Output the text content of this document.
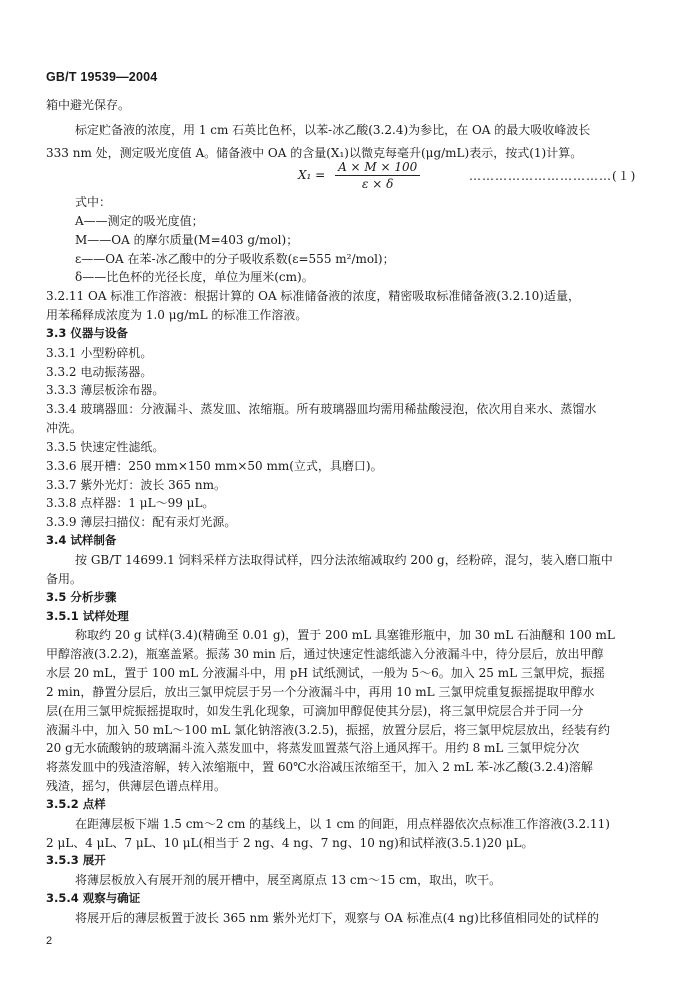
GB/T 19539—2004
箱中避光保存。
标定贮备液的浓度，用 1 cm 石英比色杯，以苯-冰乙酸(3.2.4)为参比，在 OA 的最大吸收峰波长
333 nm 处，测定吸光度值 A。储备液中 OA 的含量(X₁)以微克每毫升(μg/mL)表示，按式(1)计算。
$X_1 = \frac{A \times M \times 100}{\varepsilon \times \delta}$	……………………………(１)
式中：
A——测定的吸光度值；
M——OA 的摩尔质量(M=403 g/mol)；
ε——OA 在苯-冰乙酸中的分子吸收系数(ε=555 m²/mol)；
δ——比色杯的光径长度，单位为厘米(cm)。
3.2.11 OA 标准工作溶液：根据计算的 OA 标准储备液的浓度，精密吸取标准储备液(3.2.10)适量，
用苯稀释成浓度为 1.0 μg/mL 的标准工作溶液。
3.3 仪器与设备
3.3.1 小型粉碎机。
3.3.2 电动振荡器。
3.3.3 薄层板涂布器。
3.3.4 玻璃器皿：分液漏斗、蒸发皿、浓缩瓶。所有玻璃器皿均需用稀盐酸浸泡，依次用自来水、蒸馏水
冲洗。
3.3.5 快速定性滤纸。
3.3.6 展开槽：250 mm×150 mm×50 mm(立式，具磨口)。
3.3.7 紫外光灯：波长 365 nm。
3.3.8 点样器：1 μL～99 μL。
3.3.9 薄层扫描仪：配有汞灯光源。
3.4 试样制备
按 GB/T 14699.1 饲料采样方法取得试样，四分法浓缩减取约 200 g，经粉碎，混匀，装入磨口瓶中
备用。
3.5 分析步骤
3.5.1 试样处理
称取约 20 g 试样(3.4)(精确至 0.01 g)，置于 200 mL 具塞锥形瓶中，加 30 mL 石油醚和 100 mL
甲醇溶液(3.2.2)，瓶塞盖紧。振荡 30 min 后，通过快速定性滤纸滤入分液漏斗中，待分层后，放出甲醇
水层 20 mL，置于 100 mL 分液漏斗中，用 pH 试纸测试，一般为 5～6。加入 25 mL 三氯甲烷，振摇
2 min，静置分层后，放出三氯甲烷层于另一个分液漏斗中，再用 10 mL 三氯甲烷重复振摇提取甲醇水
层(在用三氯甲烷振摇提取时，如发生乳化现象，可滴加甲醇促使其分层)，将三氯甲烷层合并于同一分
液漏斗中，加入 50 mL～100 mL 氯化钠溶液(3.2.5)，振摇，放置分层后，将三氯甲烷层放出，经装有约
20 g无水硫酸钠的玻璃漏斗流入蒸发皿中，将蒸发皿置蒸气浴上通风挥干。用约 8 mL 三氯甲烷分次
将蒸发皿中的残渣溶解，转入浓缩瓶中，置 60℃水浴减压浓缩至干，加入 2 mL 苯-冰乙酸(3.2.4)溶解
残渣，摇匀，供薄层色谱点样用。
3.5.2 点样
在距薄层板下端 1.5 cm～2 cm 的基线上，以 1 cm 的间距，用点样器依次点标准工作溶液(3.2.11)
2 μL、4 μL、7 μL、10 μL(相当于 2 ng、4 ng、7 ng、10 ng)和试样液(3.5.1)20 μL。
3.5.3 展开
将薄层板放入有展开剂的展开槽中，展至离原点 13 cm～15 cm，取出，吹干。
3.5.4 观察与确证
将展开后的薄层板置于波长 365 nm 紫外光灯下，观察与 OA 标准点(4 ng)比移值相同处的试样的
2
